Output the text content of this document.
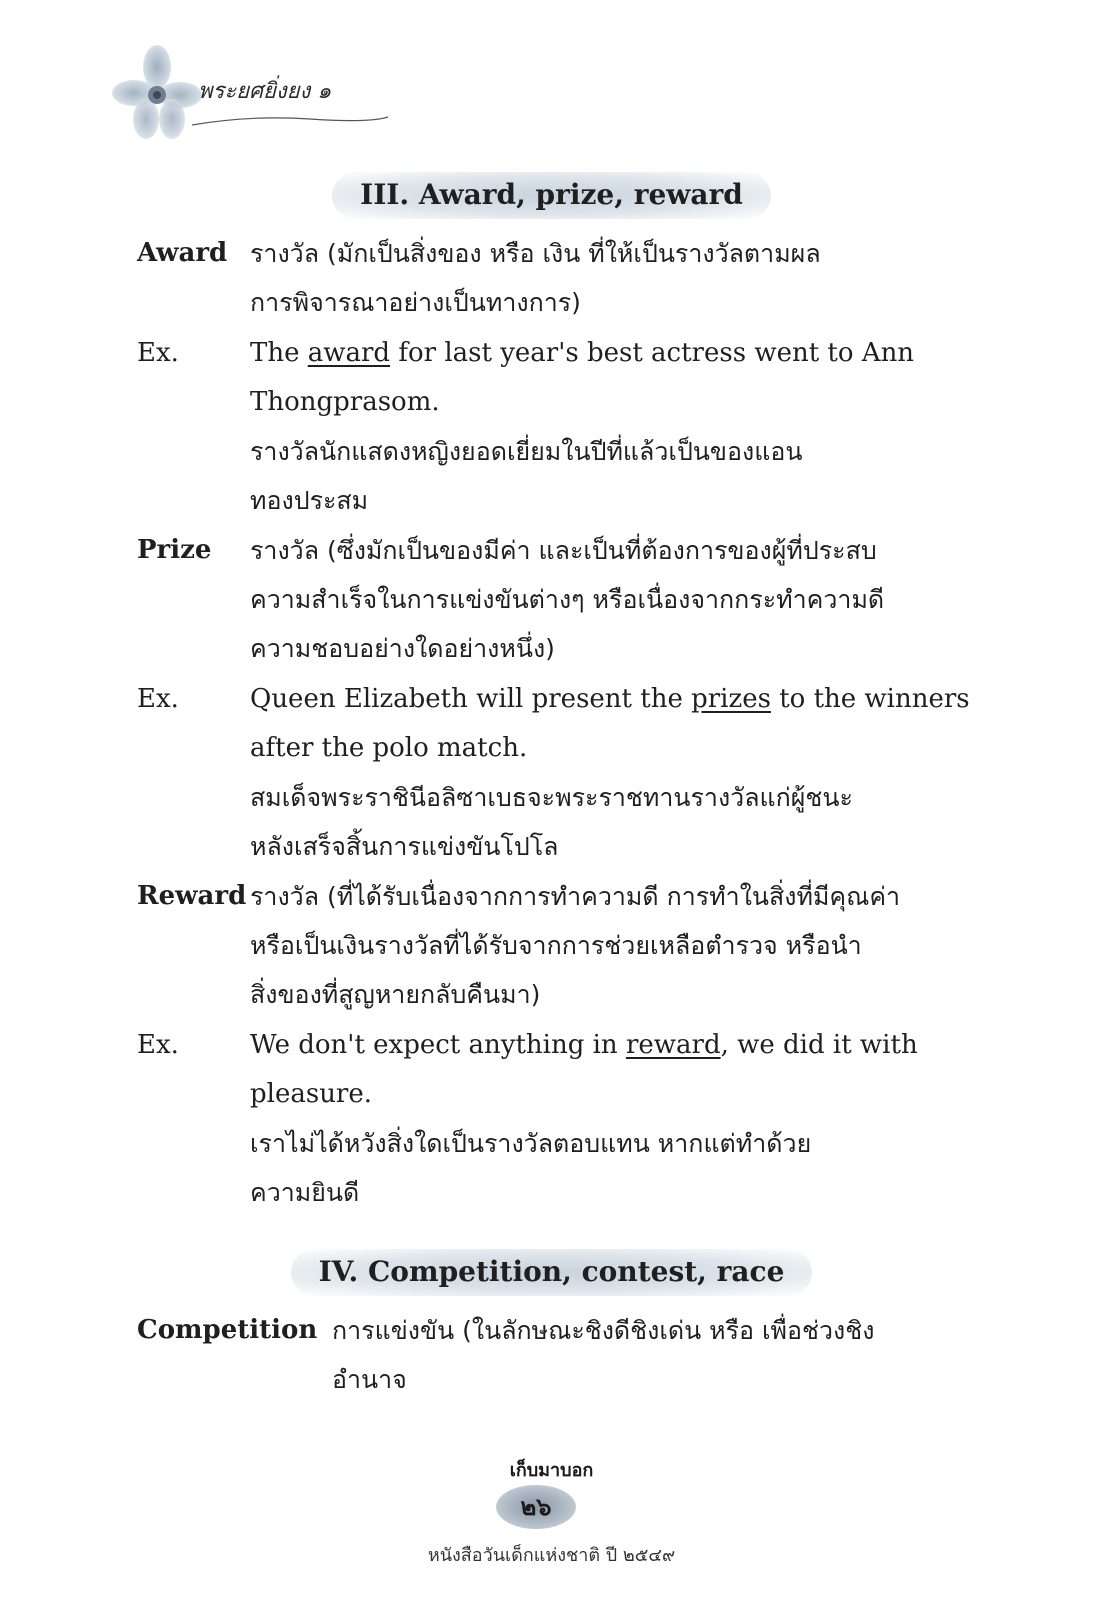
พระยศยิ่งยง ๑
III. Award, prize, reward
Award รางวัล (มักเป็นสิ่งของ หรือ เงิน ที่ให้เป็นรางวัลตามผล
การพิจารณาอย่างเป็นทางการ)
Ex.	The award for last year's best actress went to Ann
Thongprasom.
รางวัลนักแสดงหญิงยอดเยี่ยมในปีที่แล้วเป็นของแอน
ทองประสม
Prize รางวัล (ซึ่งมักเป็นของมีค่า และเป็นที่ต้องการของผู้ที่ประสบ
ความสำเร็จในการแข่งขันต่างๆ หรือเนื่องจากกระทำความดี
ความชอบอย่างใดอย่างหนึ่ง)
Ex.	Queen Elizabeth will present the prizes to the winners
after the polo match.
สมเด็จพระราชินีอลิซาเบธจะพระราชทานรางวัลแก่ผู้ชนะ
หลังเสร็จสิ้นการแข่งขันโปโล
Reward รางวัล (ที่ได้รับเนื่องจากการทำความดี การทำในสิ่งที่มีคุณค่า
หรือเป็นเงินรางวัลที่ได้รับจากการช่วยเหลือตำรวจ หรือนำ
สิ่งของที่สูญหายกลับคืนมา)
Ex.	We don't expect anything in reward, we did it with
pleasure.
เราไม่ได้หวังสิ่งใดเป็นรางวัลตอบแทน หากแต่ทำด้วย
ความยินดี
IV. Competition, contest, race
Competition การแข่งขัน (ในลักษณะชิงดีชิงเด่น หรือ เพื่อช่วงชิง
อำนาจ
เก็บมาบอก
๒๖
หนังสือวันเด็กแห่งชาติ ปี ๒๕๔๙
